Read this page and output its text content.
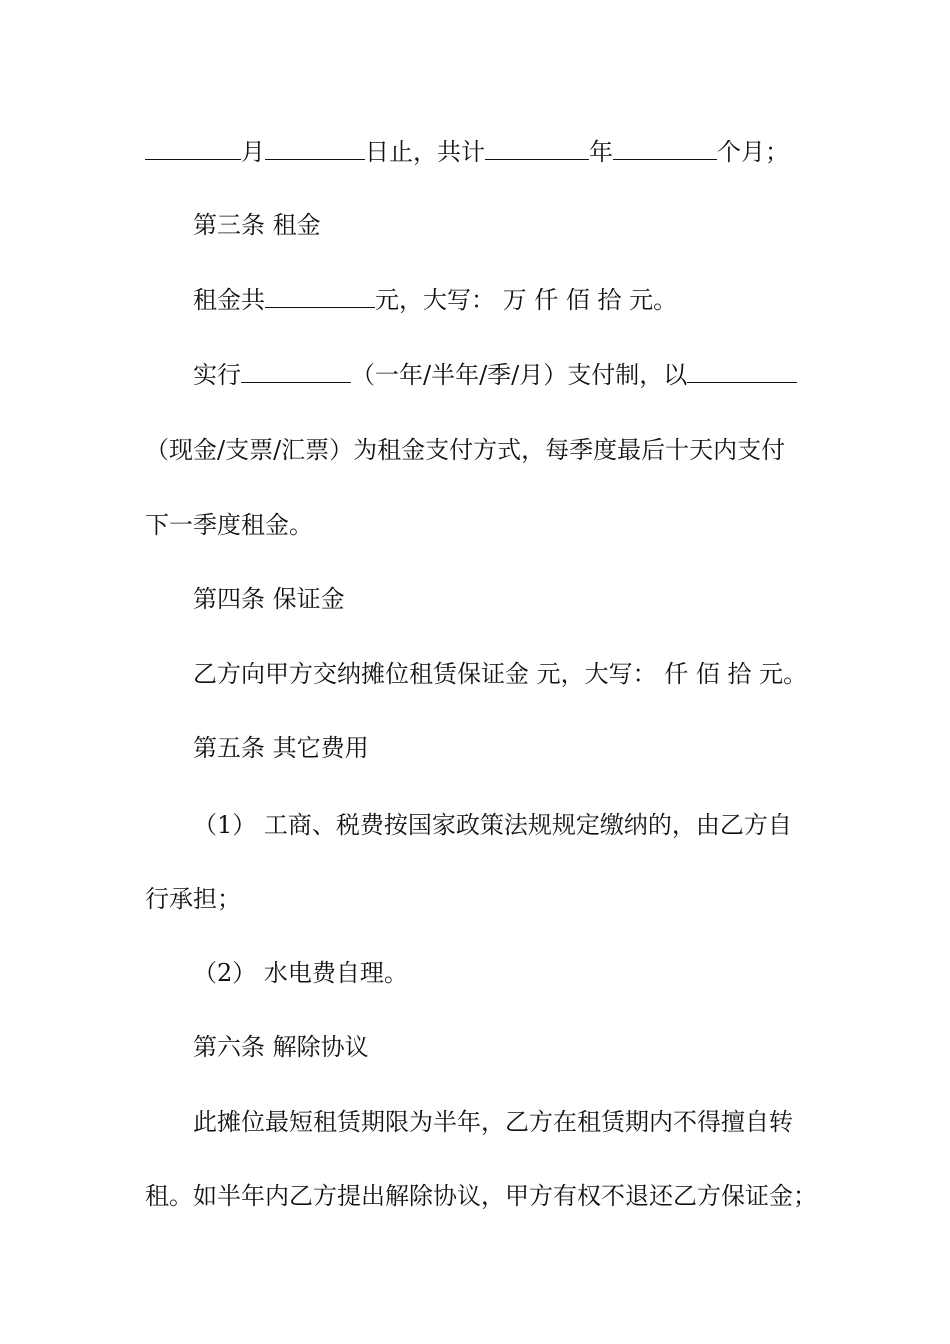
月	日止，共计	年	个月；
第三条 租金
租金共	元，大写： 万 仟 佰 拾 元。
实行	（一年/半年/季/月）支付制，以
（现金/支票/汇票）为租金支付方式，每季度最后十天内支付
下一季度租金。
第四条 保证金
乙方向甲方交纳摊位租赁保证金 元，大写： 仟 佰 拾 元。
第五条 其它费用
（1） 工商、税费按国家政策法规规定缴纳的，由乙方自
行承担；
（2） 水电费自理。
第六条 解除协议
此摊位最短租赁期限为半年，乙方在租赁期内不得擅自转
租。如半年内乙方提出解除协议，甲方有权不退还乙方保证金；
